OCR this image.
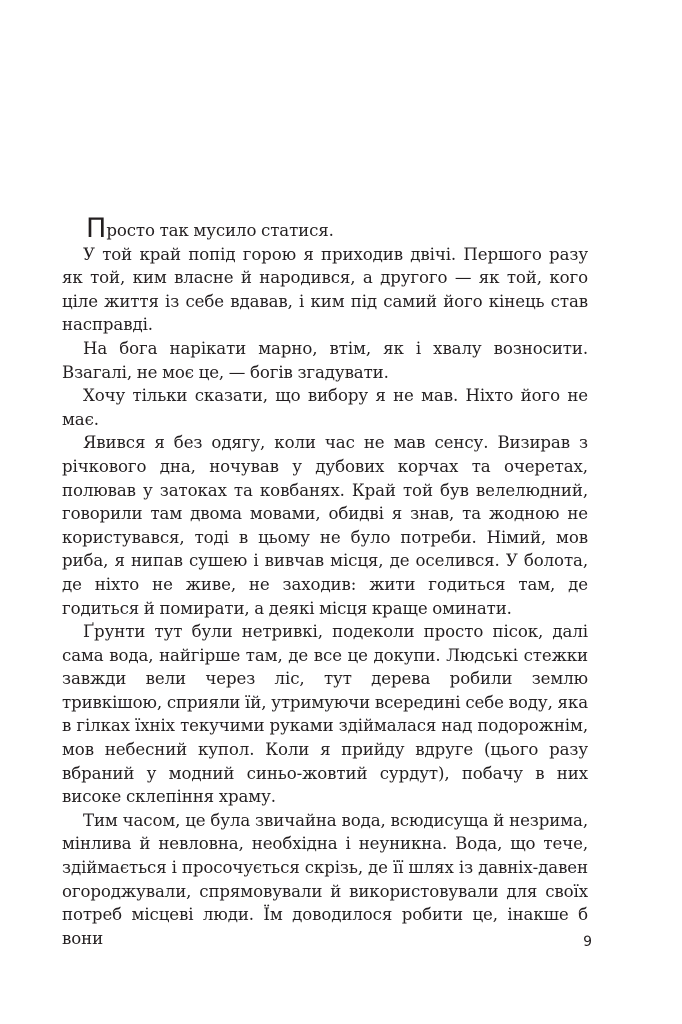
Просто так мусило статися.

У той край попід горою я приходив двічі. Першого разу як той, ким власне й народився, а другого — як той, кого ціле життя із себе вдавав, і ким під самий його кінець став насправді.

На бога нарікати марно, втім, як і хвалу возносити. Взагалі, не моє це, — богів згадувати.

Хочу тільки сказати, що вибору я не мав. Ніхто його не має.

Явився я без одягу, коли час не мав сенсу. Визирав з річкового дна, ночував у дубових корчах та очеретах, полював у затоках та ковбанях. Край той був велелюдний, говорили там двома мовами, обидві я знав, та жодною не користувався, тоді в цьому не було потреби. Німий, мов риба, я нипав сушею і вивчав місця, де оселився. У болота, де ніхто не живе, не заходив: жити годиться там, де годиться й помирати, а деякі місця краще оминати.

Ґрунти тут були нетривкі, подеколи просто пісок, далі сама вода, найгірше там, де все це докупи. Людські стежки завжди вели через ліс, тут дерева робили землю тривкішою, сприяли їй, утримуючи всередині себе воду, яка в гілках їхніх текучими руками здіймалася над подорожнім, мов небесний купол. Коли я прийду вдруге (цього разу вбраний у модний синьо-жовтий сурдут), побачу в них високе склепіння храму.

Тим часом, це була звичайна вода, всюдисуща й незрима, мінлива й невловна, необхідна і неуникна. Вода, що тече, здіймається і просочується скрізь, де її шлях із давніх-давен огороджували, спрямовували й використовували для своїх потреб місцеві люди. Їм доводилося робити це, інакше б вони	9
